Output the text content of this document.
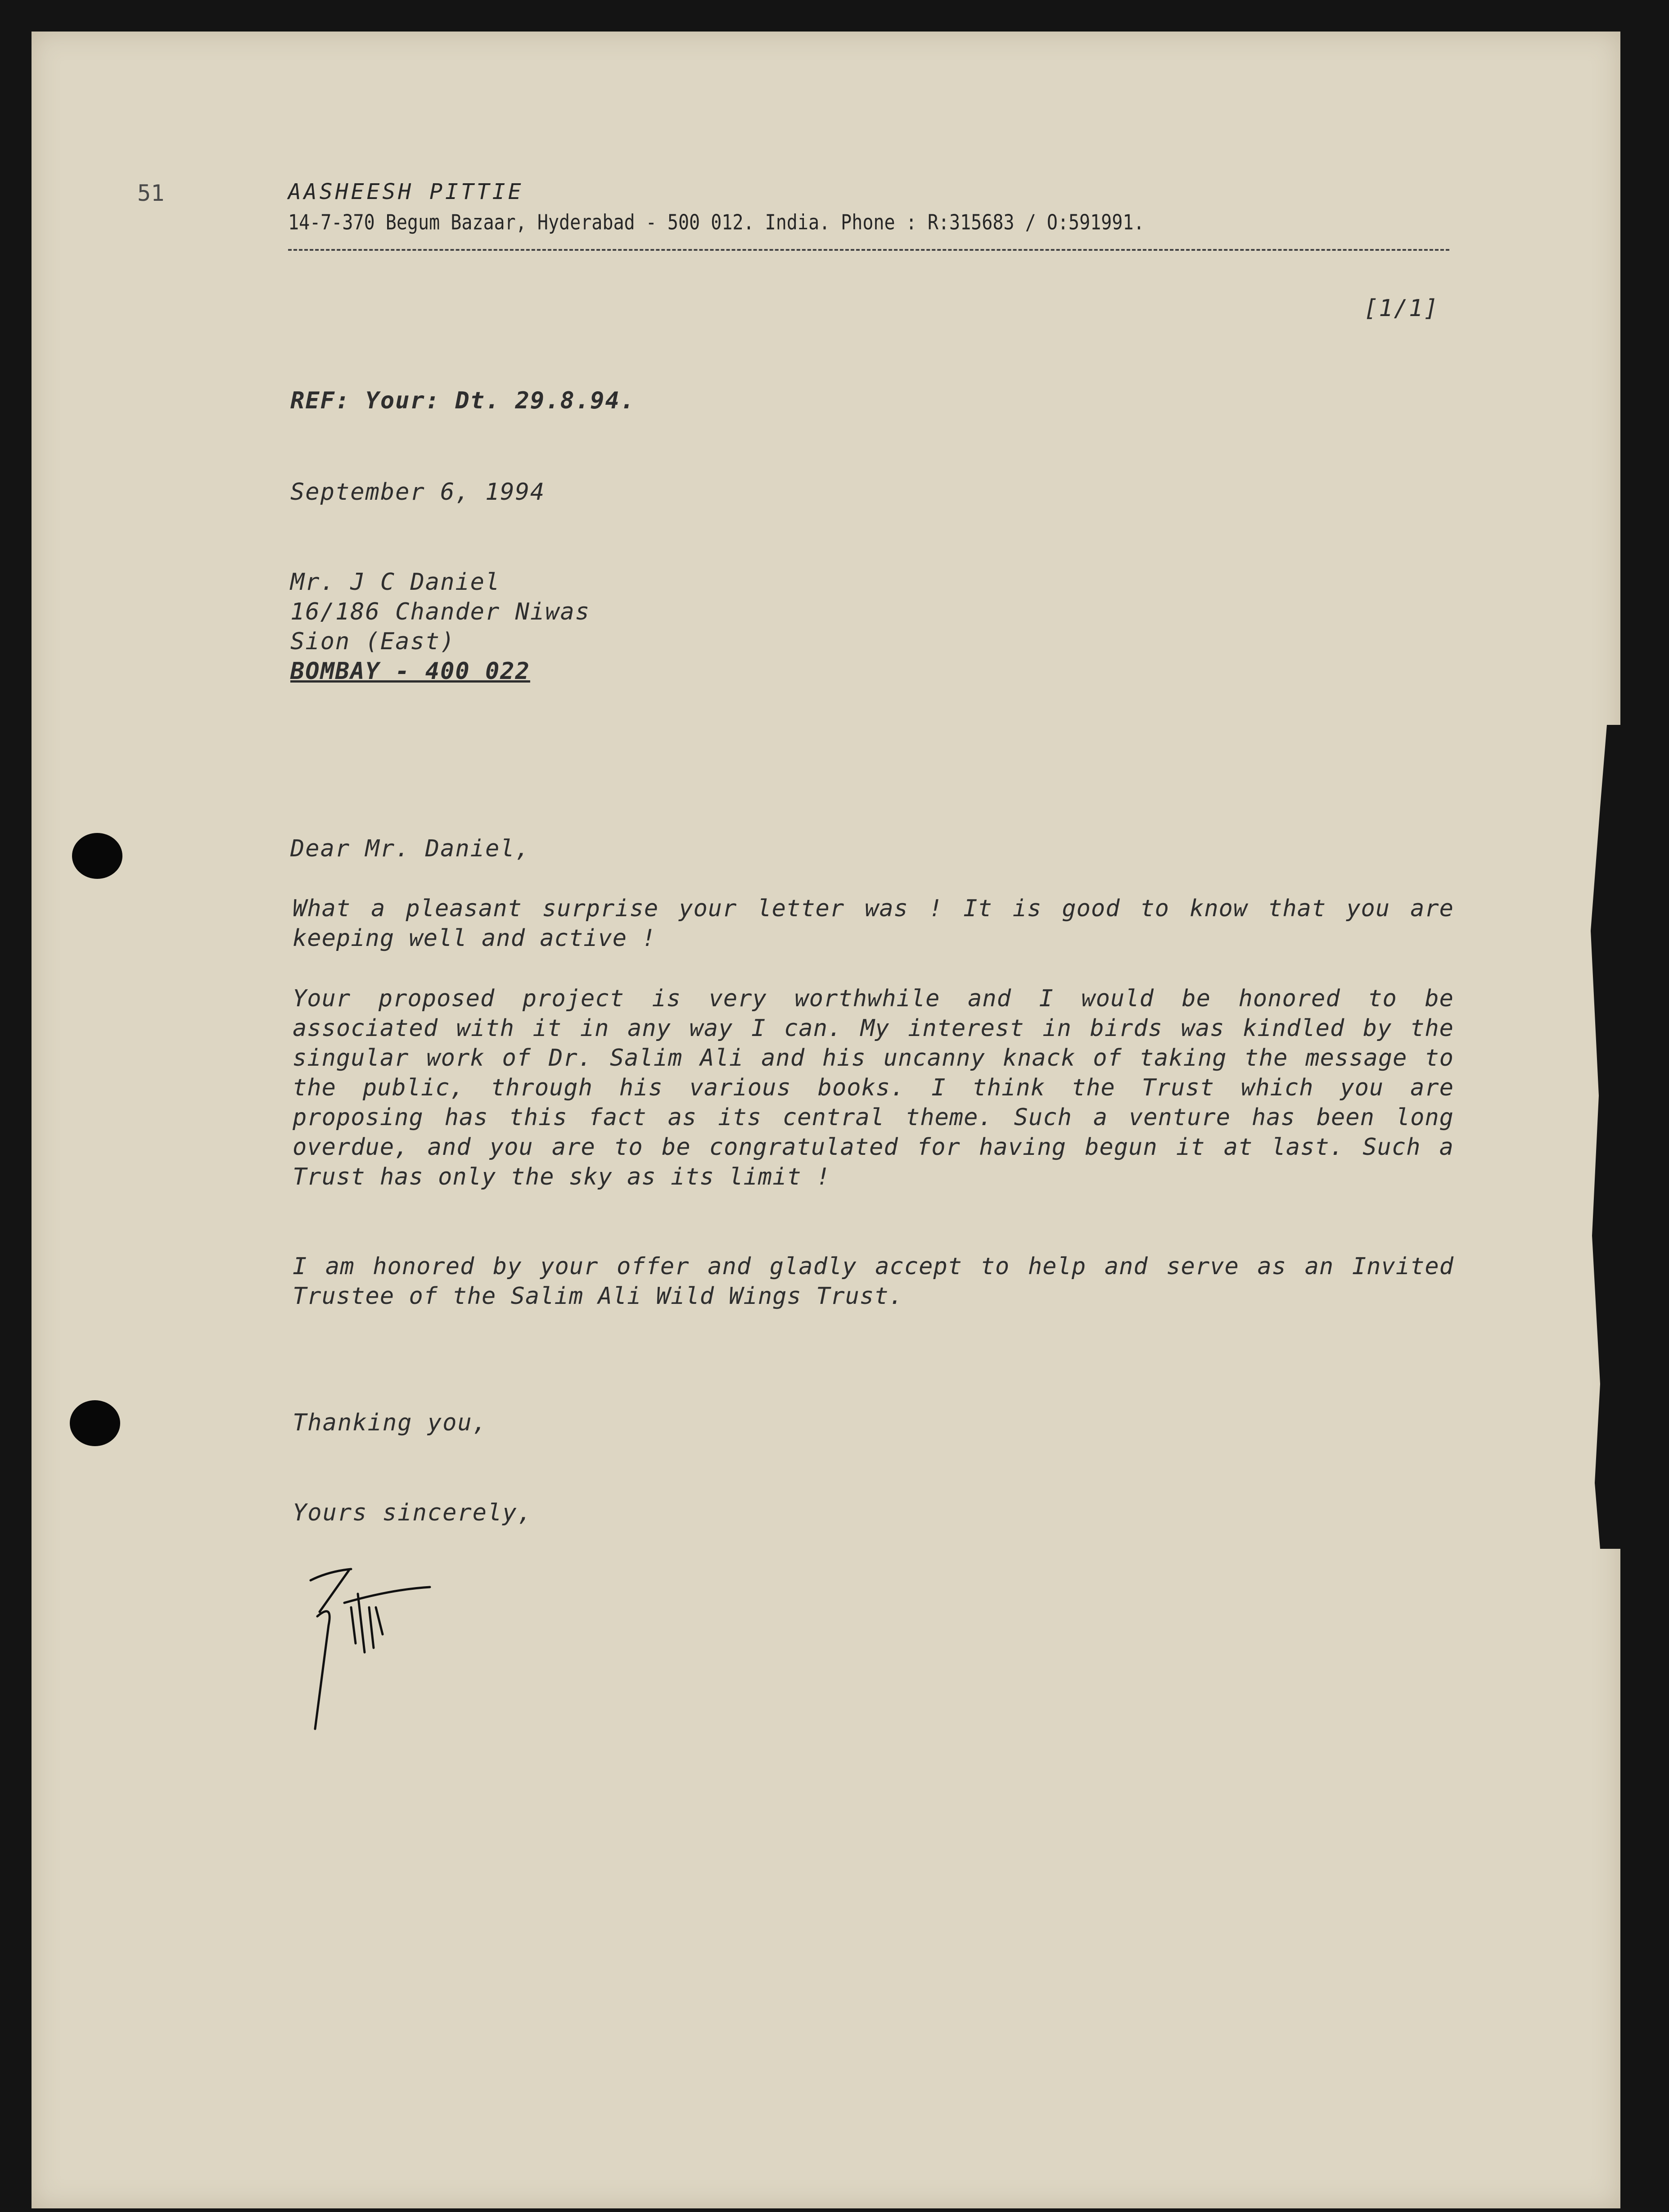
51	AASHEESH PITTIE
14-7-370 Begum Bazaar, Hyderabad - 500 012. India. Phone : R:315683 / O:591991.
[1/1]
REF: Your: Dt. 29.8.94.
September 6, 1994
Mr. J C Daniel
16/186 Chander Niwas
Sion (East)
BOMBAY - 400 022
Dear Mr. Daniel,
What a pleasant surprise your letter was ! It is good to know that you are keeping well and active !
Your proposed project is very worthwhile and I would be honored to be associated with it in any way I can. My interest in birds was kindled by the singular work of Dr. Salim Ali and his uncanny knack of taking the message to the public, through his various books. I think the Trust which you are proposing has this fact as its central theme. Such a venture has been long overdue, and you are to be congratulated for having begun it at last. Such a Trust has only the sky as its limit !
I am honored by your offer and gladly accept to help and serve as an Invited Trustee of the Salim Ali Wild Wings Trust.
Thanking you,
Yours sincerely,
